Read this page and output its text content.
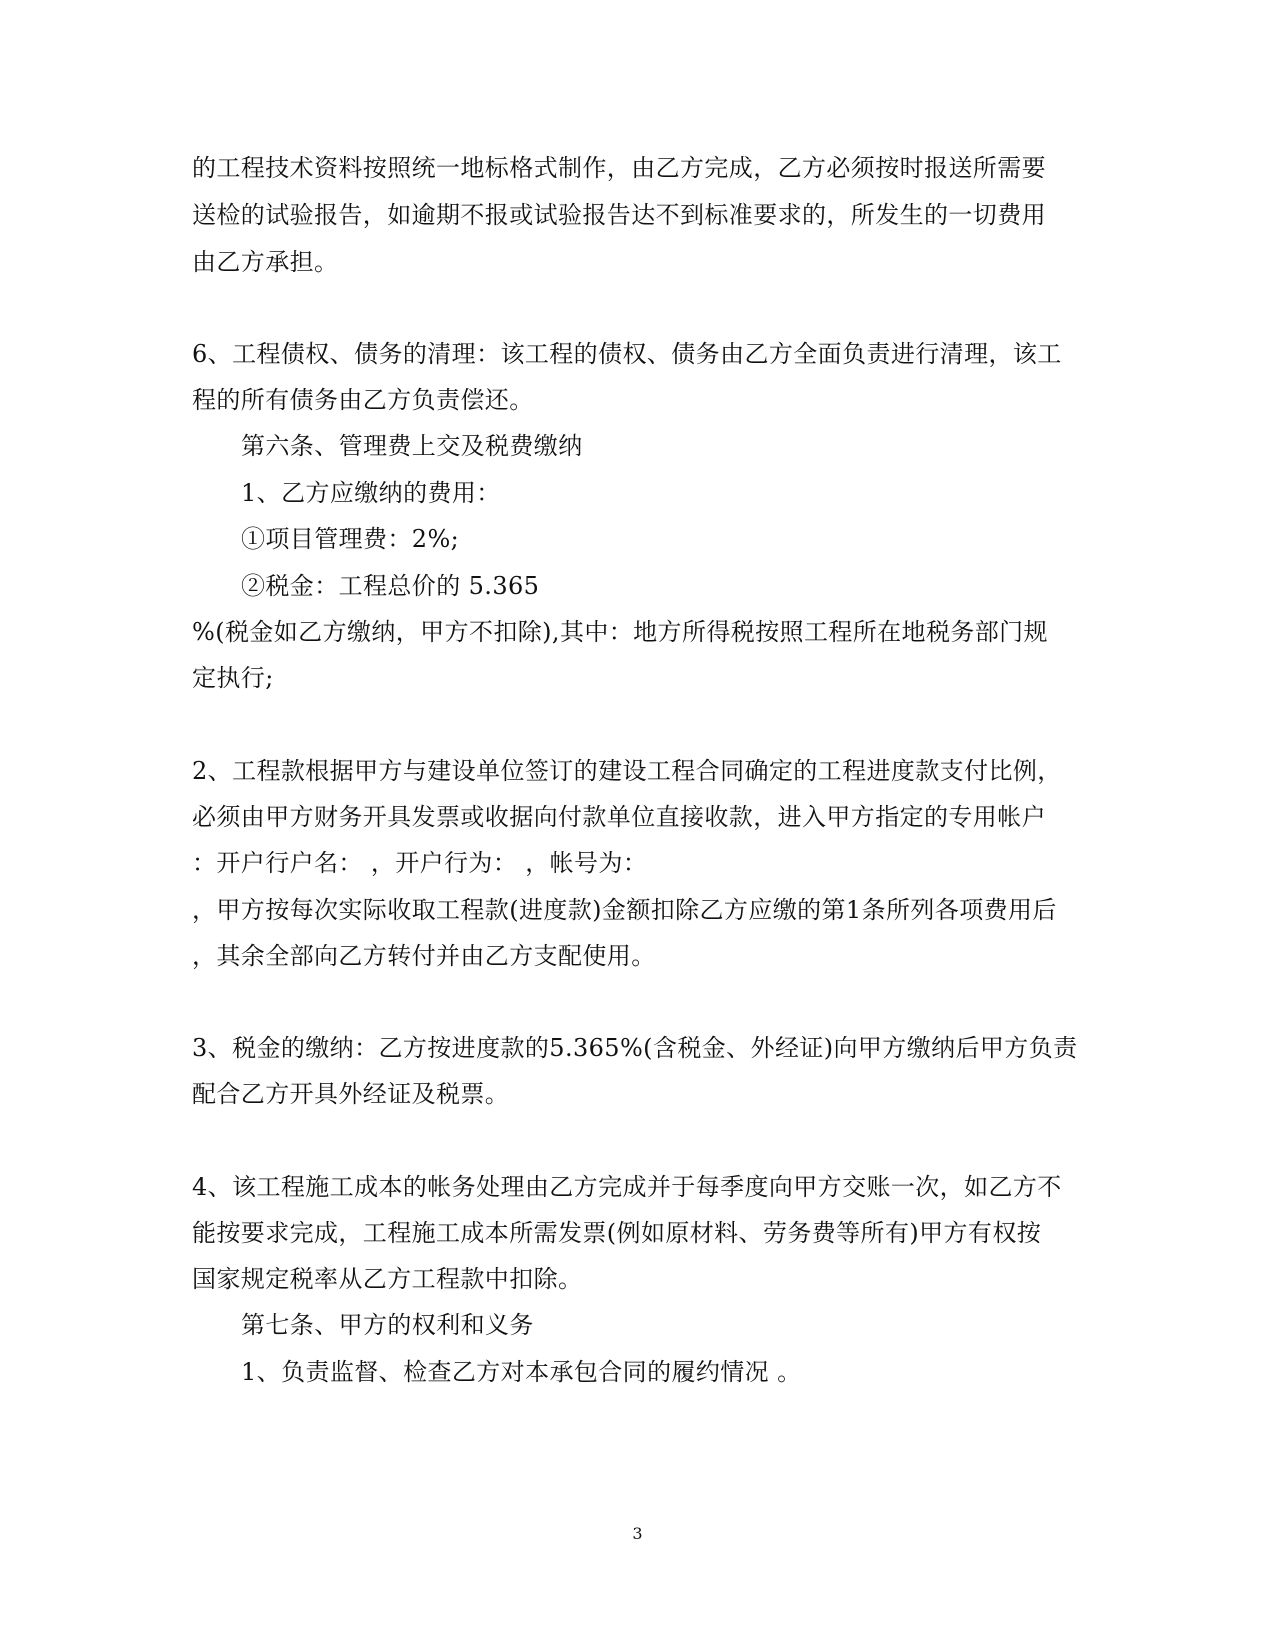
的工程技术资料按照统一地标格式制作，由乙方完成，乙方必须按时报送所需要
送检的试验报告，如逾期不报或试验报告达不到标准要求的，所发生的一切费用
由乙方承担。
6、工程债权、债务的清理：该工程的债权、债务由乙方全面负责进行清理，该工
程的所有债务由乙方负责偿还。
第六条、管理费上交及税费缴纳
1、乙方应缴纳的费用：
①项目管理费：2%;
②税金：工程总价的 5.365
%(税金如乙方缴纳，甲方不扣除),其中：地方所得税按照工程所在地税务部门规
定执行;
2、工程款根据甲方与建设单位签订的建设工程合同确定的工程进度款支付比例，
必须由甲方财务开具发票或收据向付款单位直接收款，进入甲方指定的专用帐户
：开户行户名： ，开户行为： ，帐号为：
，甲方按每次实际收取工程款(进度款)金额扣除乙方应缴的第1条所列各项费用后
，其余全部向乙方转付并由乙方支配使用。
3、税金的缴纳：乙方按进度款的5.365%(含税金、外经证)向甲方缴纳后甲方负责
配合乙方开具外经证及税票。
4、该工程施工成本的帐务处理由乙方完成并于每季度向甲方交账一次，如乙方不
能按要求完成，工程施工成本所需发票(例如原材料、劳务费等所有)甲方有权按
国家规定税率从乙方工程款中扣除。
第七条、甲方的权利和义务
1、负责监督、检查乙方对本承包合同的履约情况 。
3
